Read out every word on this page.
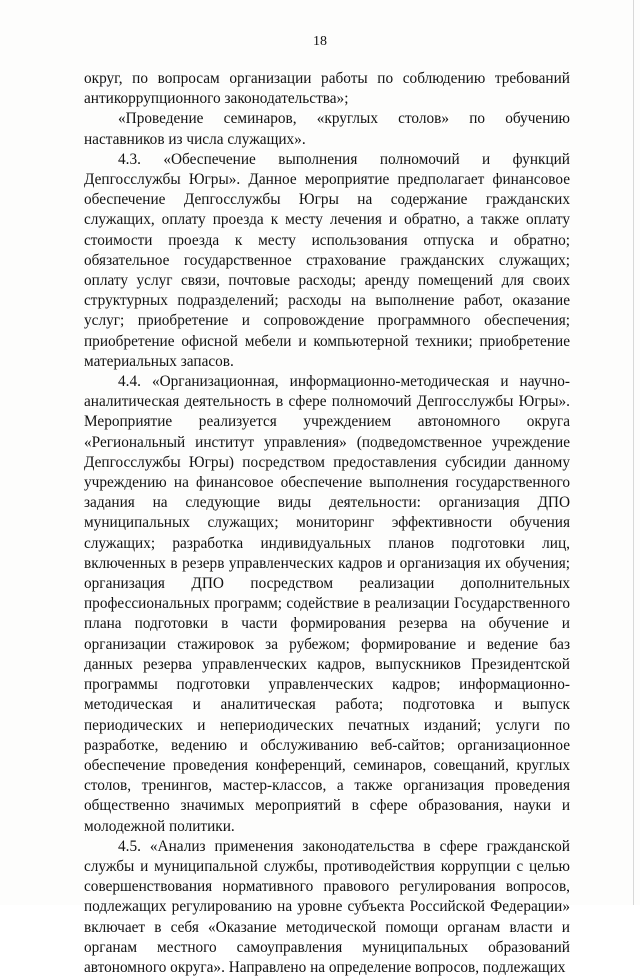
18

округ, по вопросам организации работы по соблюдению требований антикоррупционного законодательства»;

«Проведение семинаров, «круглых столов» по обучению наставников из числа служащих».

4.3. «Обеспечение выполнения полномочий и функций Депгосслужбы Югры». Данное мероприятие предполагает финансовое обеспечение Депгосслужбы Югры на содержание гражданских служащих, оплату проезда к месту лечения и обратно, а также оплату стоимости проезда к месту использования отпуска и обратно; обязательное государственное страхование гражданских служащих; оплату услуг связи, почтовые расходы; аренду помещений для своих структурных подразделений; расходы на выполнение работ, оказание услуг; приобретение и сопровождение программного обеспечения; приобретение офисной мебели и компьютерной техники; приобретение материальных запасов.

4.4. «Организационная, информационно-методическая и научно-аналитическая деятельность в сфере полномочий Депгосслужбы Югры». Мероприятие реализуется учреждением автономного округа «Региональный институт управления» (подведомственное учреждение Депгосслужбы Югры) посредством предоставления субсидии данному учреждению на финансовое обеспечение выполнения государственного задания на следующие виды деятельности: организация ДПО муниципальных служащих; мониторинг эффективности обучения служащих; разработка индивидуальных планов подготовки лиц, включенных в резерв управленческих кадров и организация их обучения; организация ДПО посредством реализации дополнительных профессиональных программ; содействие в реализации Государственного плана подготовки в части формирования резерва на обучение и организации стажировок за рубежом; формирование и ведение баз данных резерва управленческих кадров, выпускников Президентской программы подготовки управленческих кадров; информационно-методическая и аналитическая работа; подготовка и выпуск периодических и непериодических печатных изданий; услуги по разработке, ведению и обслуживанию веб-сайтов; организационное обеспечение проведения конференций, семинаров, совещаний, круглых столов, тренингов, мастер-классов, а также организация проведения общественно значимых мероприятий в сфере образования, науки и молодежной политики.

4.5. «Анализ применения законодательства в сфере гражданской службы и муниципальной службы, противодействия коррупции с целью совершенствования нормативного правового регулирования вопросов, подлежащих регулированию на уровне субъекта Российской Федерации» включает в себя «Оказание методической помощи органам власти и органам местного самоуправления муниципальных образований автономного округа». Направлено на определение вопросов, подлежащих
